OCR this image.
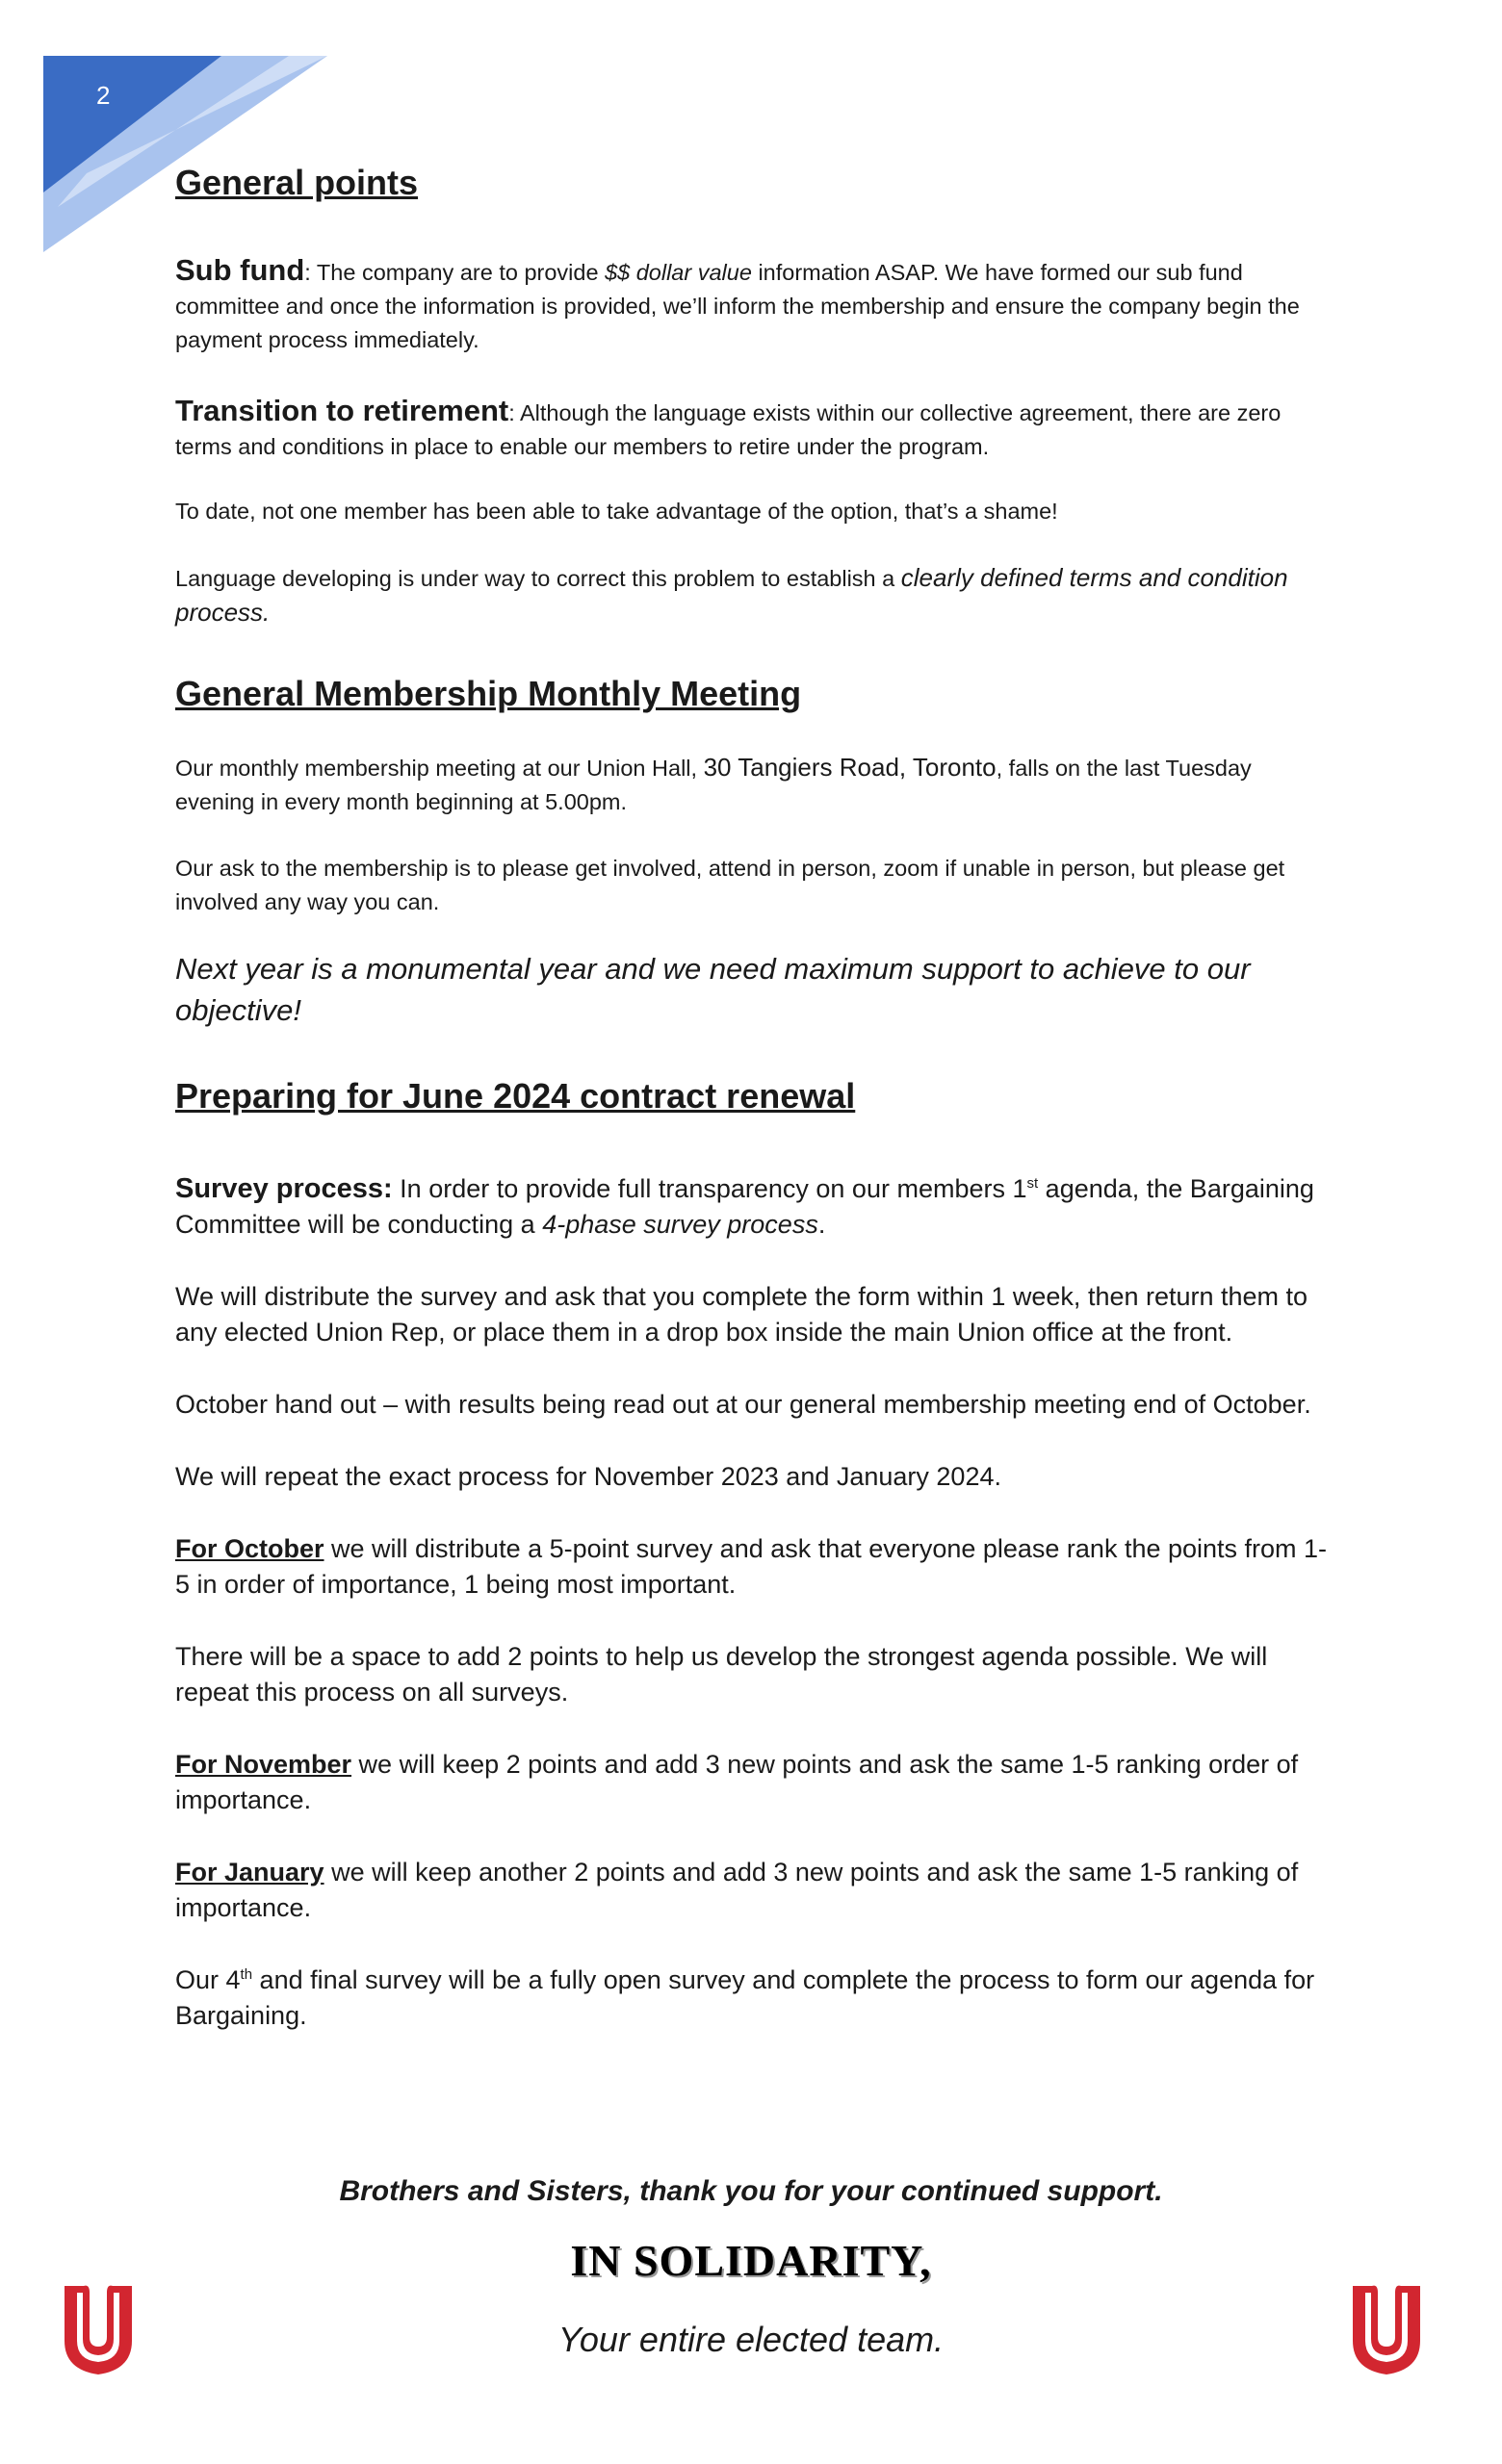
2
General points

Sub fund: The company are to provide $$ dollar value information ASAP. We have formed our sub fund committee and once the information is provided, we’ll inform the membership and ensure the company begin the payment process immediately.

Transition to retirement: Although the language exists within our collective agreement, there are zero terms and conditions in place to enable our members to retire under the program.

To date, not one member has been able to take advantage of the option, that’s a shame!

Language developing is under way to correct this problem to establish a clearly defined terms and condition process.

General Membership Monthly Meeting

Our monthly membership meeting at our Union Hall, 30 Tangiers Road, Toronto, falls on the last Tuesday evening in every month beginning at 5.00pm.

Our ask to the membership is to please get involved, attend in person, zoom if unable in person, but please get involved any way you can.

Next year is a monumental year and we need maximum support to achieve to our objective!

Preparing for June 2024 contract renewal

Survey process: In order to provide full transparency on our members 1st agenda, the Bargaining Committee will be conducting a 4-phase survey process.

We will distribute the survey and ask that you complete the form within 1 week, then return them to any elected Union Rep, or place them in a drop box inside the main Union office at the front.

October hand out – with results being read out at our general membership meeting end of October.

We will repeat the exact process for November 2023 and January 2024.

For October we will distribute a 5-point survey and ask that everyone please rank the points from 1-5 in order of importance, 1 being most important.

There will be a space to add 2 points to help us develop the strongest agenda possible. We will repeat this process on all surveys.

For November we will keep 2 points and add 3 new points and ask the same 1-5 ranking order of importance.

For January we will keep another 2 points and add 3 new points and ask the same 1-5 ranking of importance.

Our 4th and final survey will be a fully open survey and complete the process to form our agenda for Bargaining.

Brothers and Sisters, thank you for your continued support.
IN SOLIDARITY,
Your entire elected team.
